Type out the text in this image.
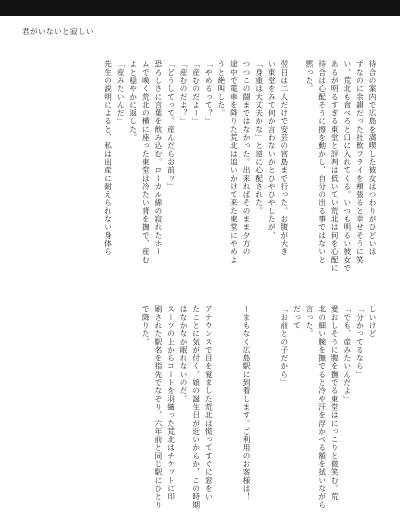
君がいないと寂しい
待合の案内で広島を満喫した彼女はつわりがひどいは
ずなのに余韻だった社飲フライを頬張ると幸せそうに笑
い、荒北も食べろと口に入れてくる。いつも明るい彼女で
あるが明るすぎる東堂と評判は低いてい荒北は何を心配に
待合は心配そうに擦を動かし、自分の出る事ではないと
黙った。
翌日は二人だけで安芸の宮島まで行った。お腹が大き
い東堂をみて何か言わないかとひやひやしたが、
「身重は大丈夫かな」と逆に心配された。
つつこの闘まではなかった。出来ればそのまま夕方の
途中で電車を降りた荒北は追いかけて来た東堂にやめよ
うと絶叫した。
「やめるって？」
「産むのだよー」
「産むのだよ？」
「どうしてって。産んだらお前ッ」
恐ろしさに言葉を飲み込む。ローカル線の寂れたホー
ムで喚く荒北の横に座った東堂は冷たい背を撫で、産む
よと穏やかに返した。
「産みたいんだ」
先生の説明によると、私は出産に耐えられない身体ら
しいけど
「分かってるなら」
「でも、産みたいんだよ」
愛おしそうに腹を撫でる東堂はにっこりと微笑む。荒
北の細い腕を撫でると冷や汗を浮かべる額を拭いながら
言った。
だって
「お前との子だから」
ーまもなく広島駅に到着します。ご利用のお客様は！
アナウンスで目を覚ました荒北は慌ってすぐに窓をい
たことに気が付く。娘の誕生日が近いからか、この時期
はなかなか眠れないのだ。
スーツの上からコートを羽織った荒北はチケットに印
刷された駅名を指先でなぞり、六年前と同じ駅にひとり
で降りた。
